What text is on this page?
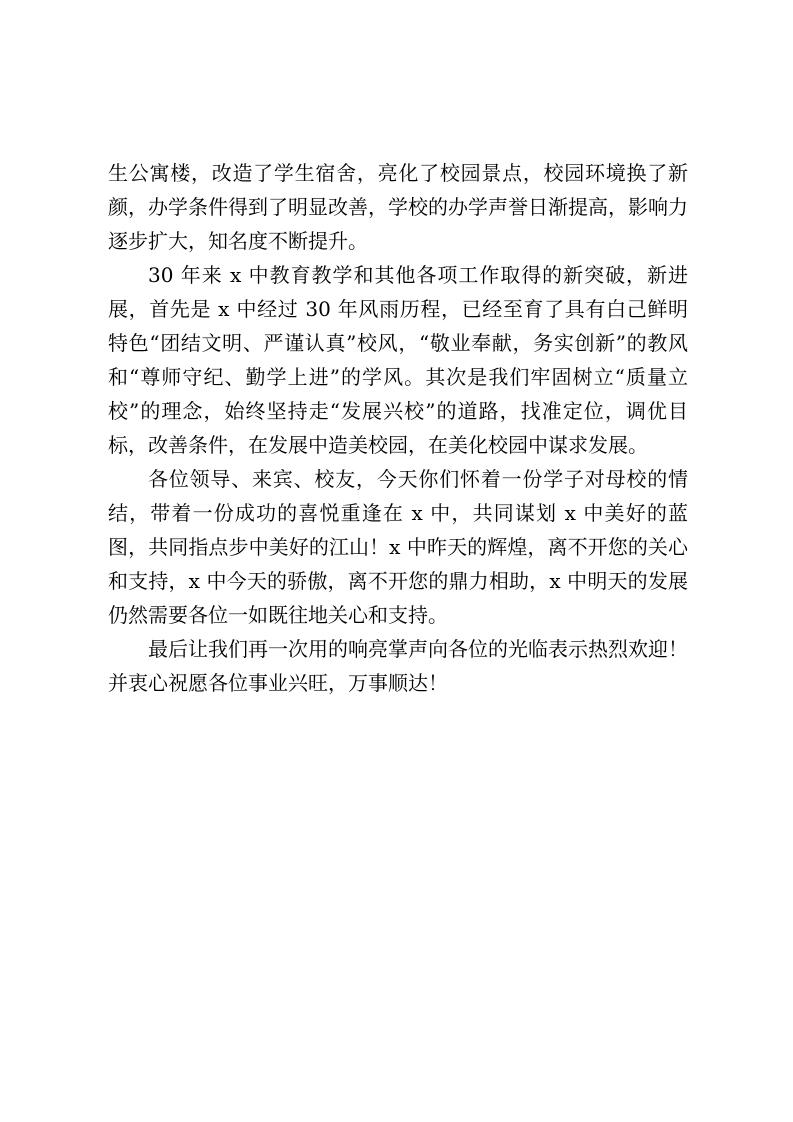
生公寓楼，改造了学生宿舍，亮化了校园景点，校园环境换了新颜，办学条件得到了明显改善，学校的办学声誉日渐提高，影响力逐步扩大，知名度不断提升。

30 年来 x 中教育教学和其他各项工作取得的新突破，新进展，首先是 x 中经过 30 年风雨历程，已经至育了具有白己鲜明特色“团结文明、严谨认真”校风，“敬业奉献，务实创新”的教风和“尊师守纪、勤学上进”的学风。其次是我们牢固树立“质量立校”的理念，始终坚持走“发展兴校”的道路，找准定位，调优目标，改善条件，在发展中造美校园，在美化校园中谋求发展。

各位领导、来宾、校友，今天你们怀着一份学子对母校的情结，带着一份成功的喜悦重逢在 x 中，共同谋划 x 中美好的蓝图，共同指点步中美好的江山！x 中昨天的辉煌，离不开您的关心和支持，x 中今天的骄傲，离不开您的鼎力相助，x 中明天的发展仍然需要各位一如既往地关心和支持。

最后让我们再一次用的响亮掌声向各位的光临表示热烈欢迎！并衷心祝愿各位事业兴旺，万事顺达！
